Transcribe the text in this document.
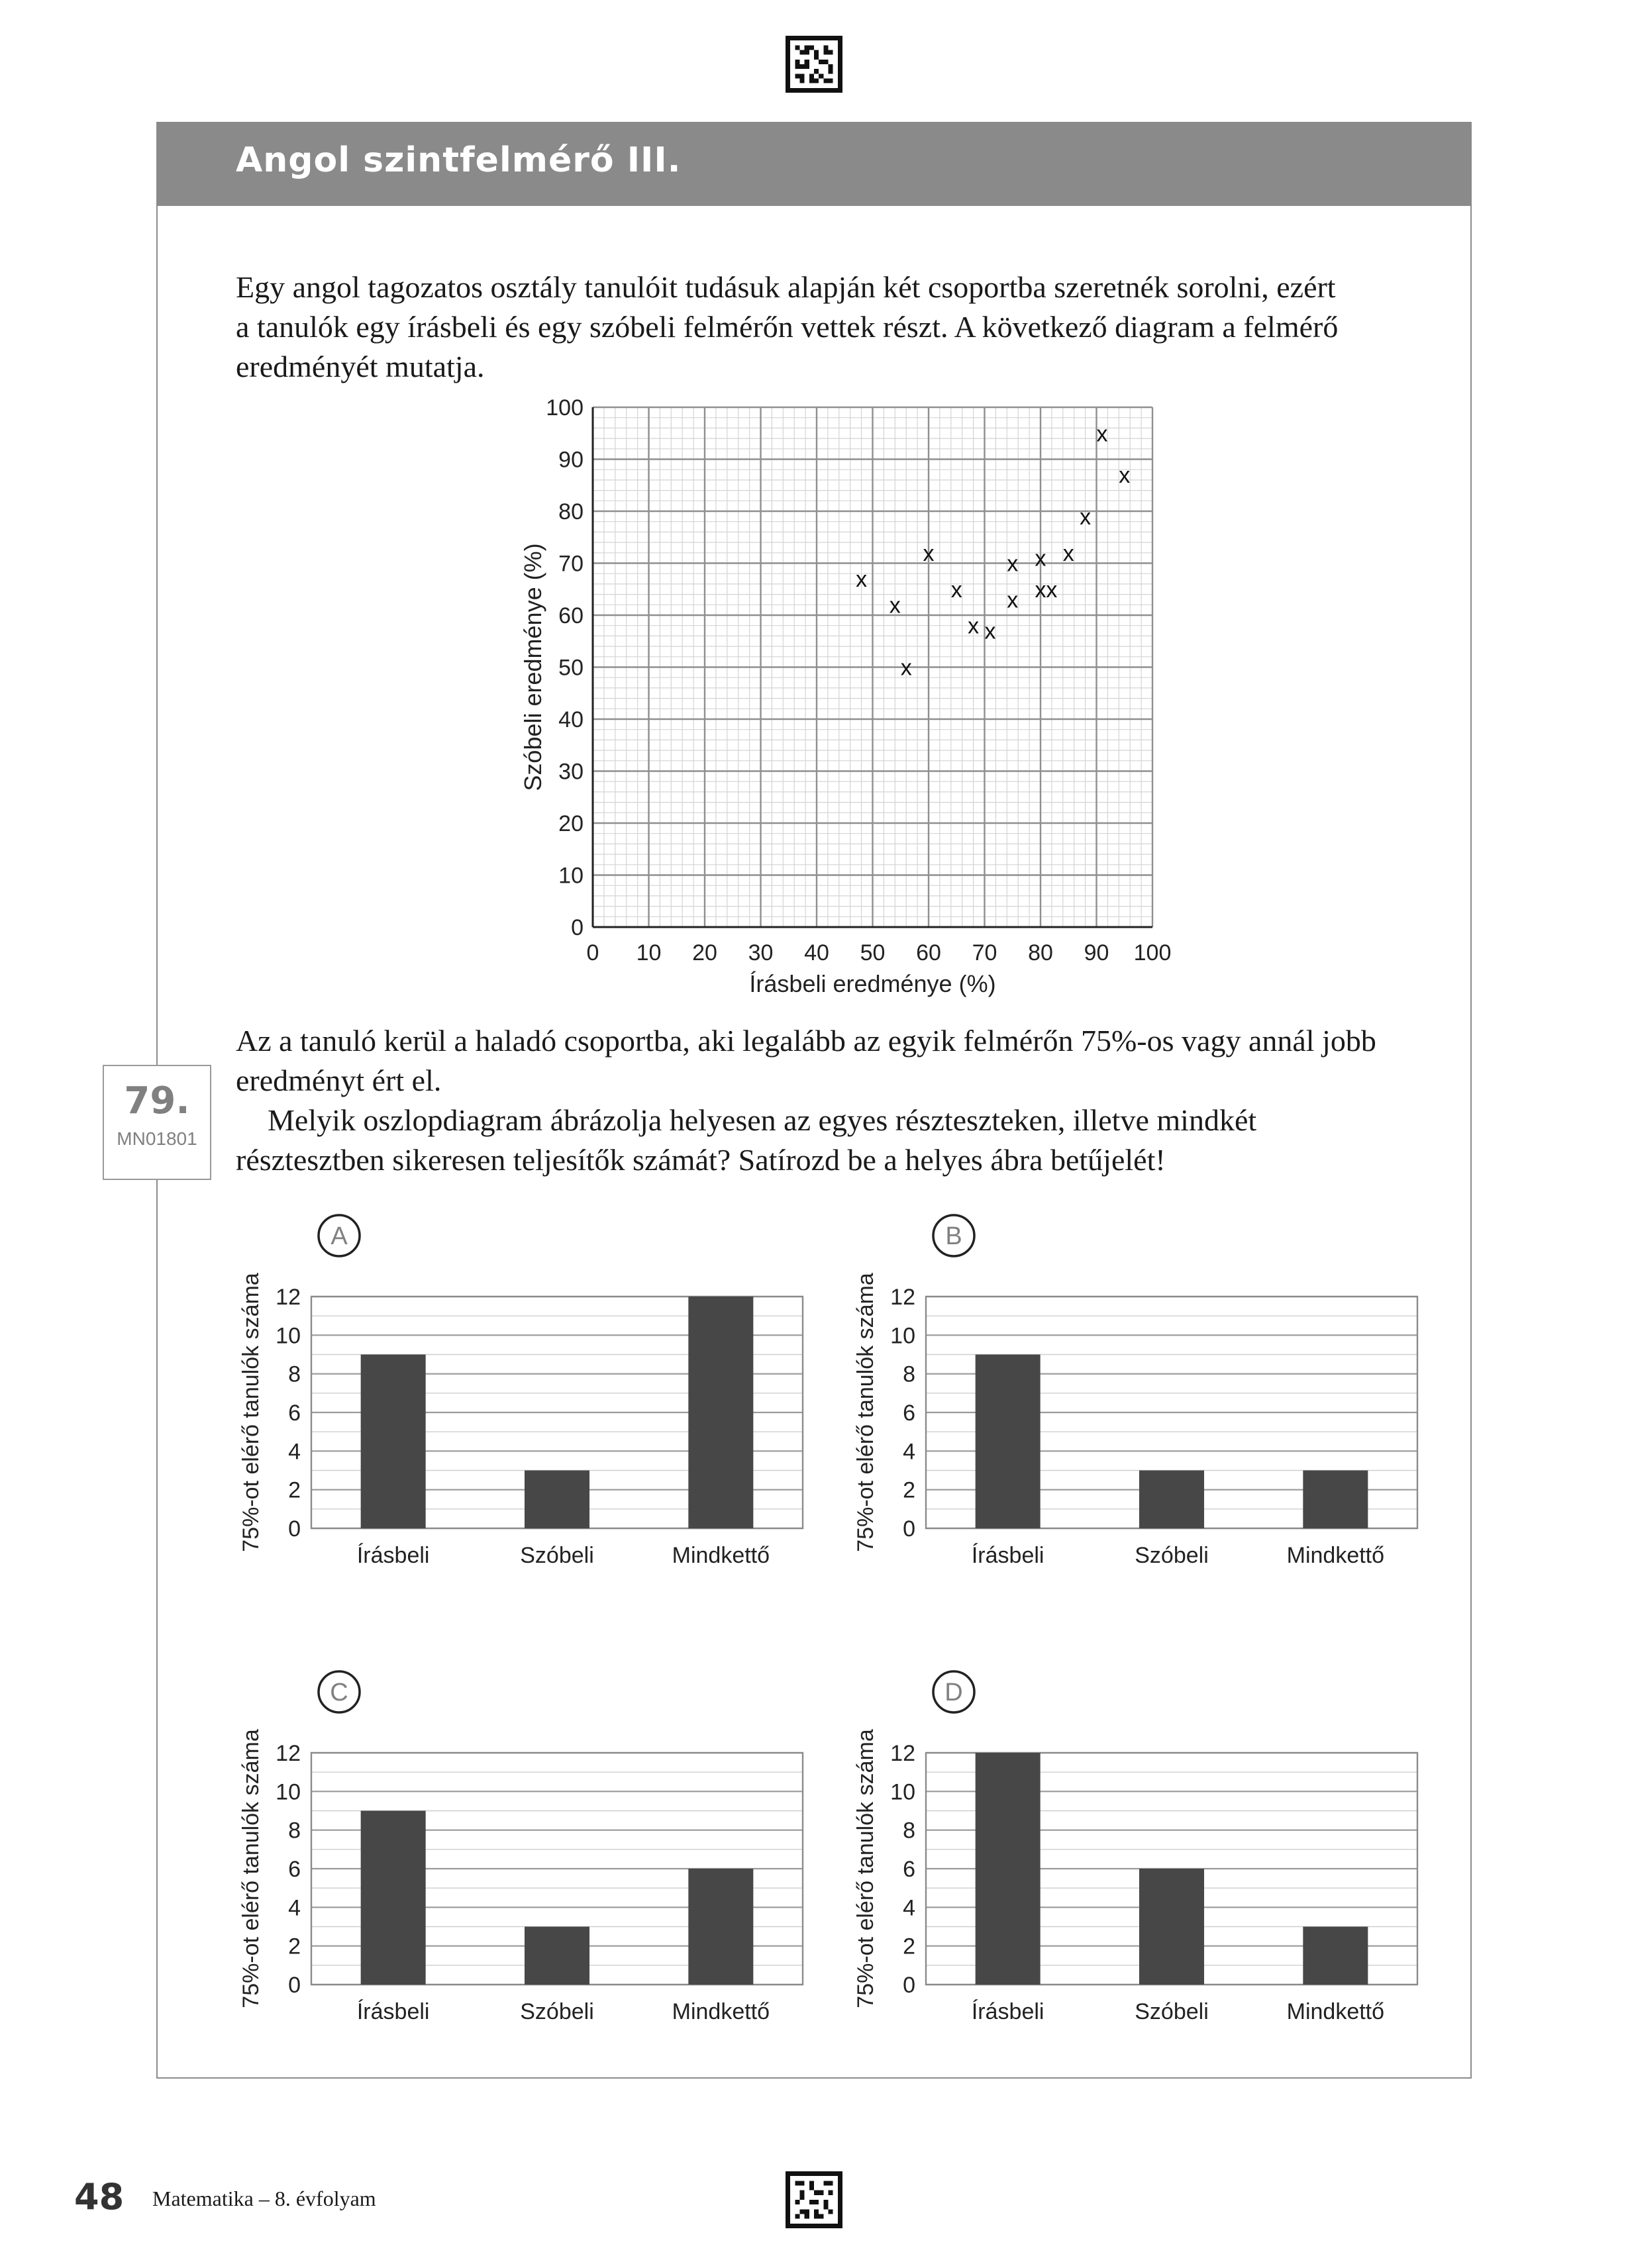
Angol szintfelmérő III.

Egy angol tagozatos osztály tanulóit tudásuk alapján két csoportba szeretnék sorolni, ezért
a tanulók egy írásbeli és egy szóbeli felmérőn vettek részt. A következő diagram a felmérő
eredményét mutatja.

0
10
20
30
40
50
60
70
80
90
100
0 10 20 30 40 50 60 70 80 90 100
Írásbeli eredménye (%)
Szóbeli eredménye (%)	x
x
x
x
x
x x
x
x
x
x x
x
x
x
x
79.
MN01801

Az a tanuló kerül a haladó csoportba, aki legalább az egyik felmérőn 75%-os vagy annál jobb
eredményt ért el.
Melyik oszlopdiagram ábrázolja helyesen az egyes részteszteken, illetve mindkét
résztesztben sikeresen teljesítők számát? Satírozd be a helyes ábra betűjelét!

A
0
2
4
6
8
10
12
75%-ot elérő tanulók száma
Írásbeli	Szóbeli	Mindkettő
B
0
2
4
6
8
10
12
75%-ot elérő tanulók száma
Írásbeli	Szóbeli	Mindkettő
C
0
2
4
6
8
10
12
75%-ot elérő tanulók száma
Írásbeli	Szóbeli	Mindkettő
D
0
2
4
6
8
10
12
75%-ot elérő tanulók száma
Írásbeli	Szóbeli	Mindkettő
48 Matematika – 8. évfolyam
